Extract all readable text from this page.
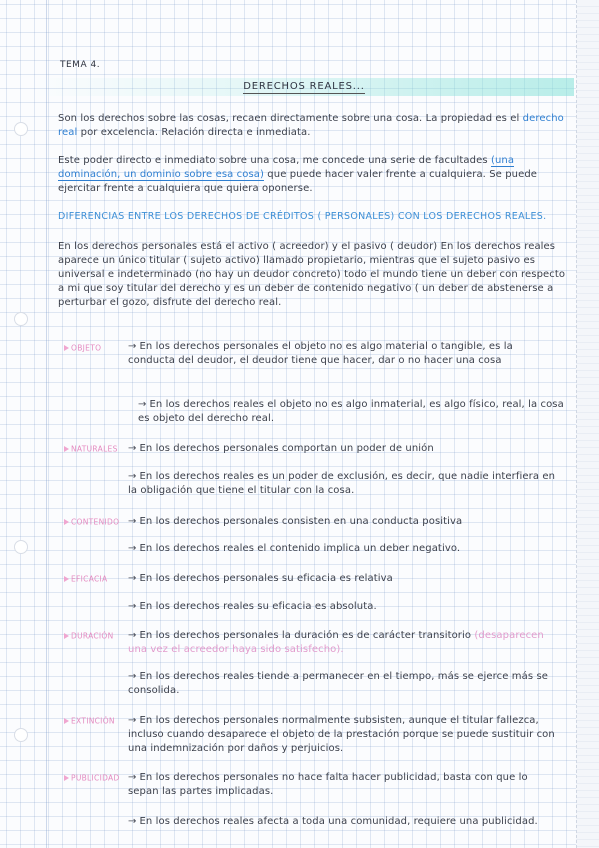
TEMA 4.
DERECHOS REALES...
Son los derechos sobre las cosas, recaen directamente sobre una cosa. La propiedad es el derecho real por excelencia. Relación directa e inmediata.
Este poder directo e inmediato sobre una cosa, me concede una serie de facultades (una dominación, un dominio sobre esa cosa) que puede hacer valer frente a cualquiera. Se puede ejercitar frente a cualquiera que quiera oponerse.
DIFERENCIAS ENTRE LOS DERECHOS DE CRÉDITOS ( PERSONALES) CON LOS DERECHOS REALES.
En los derechos personales está el activo ( acreedor) y el pasivo ( deudor) En los derechos reales aparece un único titular ( sujeto activo) llamado propietario, mientras que el sujeto pasivo es universal e indeterminado (no hay un deudor concreto) todo el mundo tiene un deber con respecto a mi que soy titular del derecho y es un deber de contenido negativo ( un deber de abstenerse a perturbar el gozo, disfrute del derecho real.
OBJETO	→ En los derechos personales el objeto no es algo material o tangible, es la conducta del deudor, el deudor tiene que hacer, dar o no hacer una cosa
→ En los derechos reales el objeto no es algo inmaterial, es algo físico, real, la cosa es objeto del derecho real.
NATURALES → En los derechos personales comportan un poder de unión
→ En los derechos reales es un poder de exclusión, es decir, que nadie interfiera en la obligación que tiene el titular con la cosa.
CONTENIDO → En los derechos personales consisten en una conducta positiva
→ En los derechos reales el contenido implica un deber negativo.
EFICACIA → En los derechos personales su eficacia es relativa
→ En los derechos reales su eficacia es absoluta.
DURACIÓN → En los derechos personales la duración es de carácter transitorio (desaparecen una vez el acreedor haya sido satisfecho).
→ En los derechos reales tiende a permanecer en el tiempo, más se ejerce más se consolida.
EXTINCIÓN → En los derechos personales normalmente subsisten, aunque el titular fallezca, incluso cuando desaparece el objeto de la prestación porque se puede sustituir con una indemnización por daños y perjuicios.
PUBLICIDAD → En los derechos personales no hace falta hacer publicidad, basta con que lo sepan las partes implicadas.
→ En los derechos reales afecta a toda una comunidad, requiere una publicidad.
